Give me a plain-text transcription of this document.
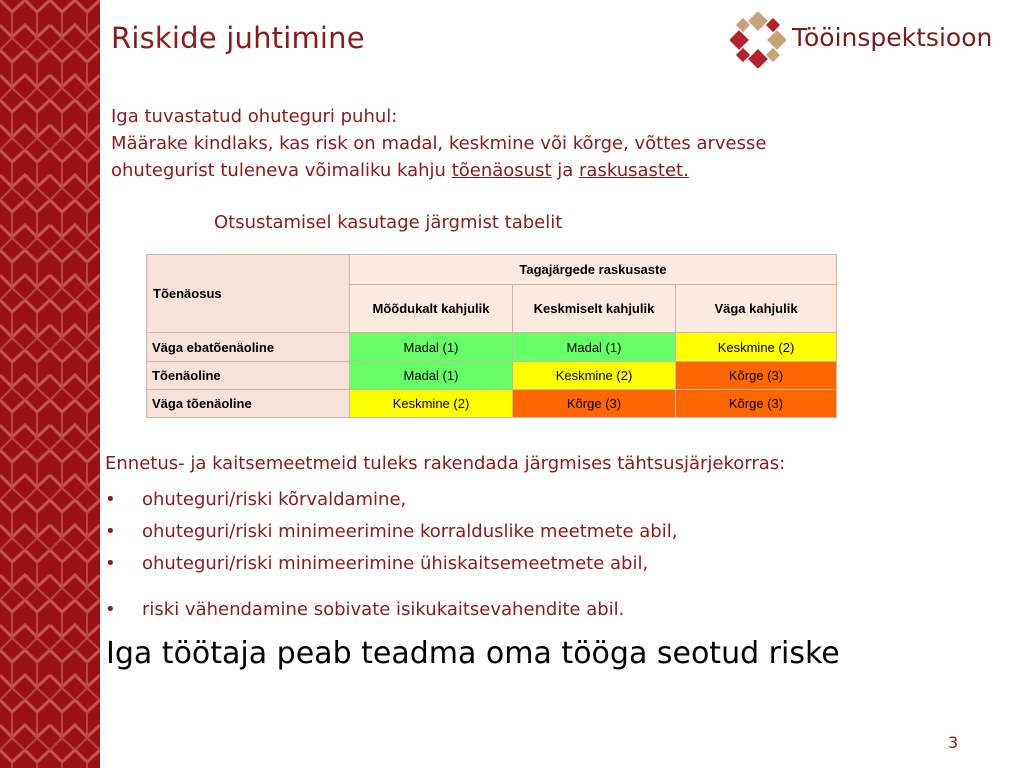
Riskide juhtimine	Tööinspektsioon
Iga tuvastatud ohuteguri puhul:
Määrake kindlaks, kas risk on madal, keskmine või kõrge, võttes arvesse
ohutegurist tuleneva võimaliku kahju tõenäosust ja raskusastet.
Otsustamisel kasutage järgmist tabelit
Tõenäosus	Tagajärgede raskusaste		
	Mõõdukalt kahjulik	Keskmiselt kahjulik	Väga kahjulik
Väga ebatõenäoline	Madal (1)	Madal (1)	Keskmine (2)
Tõenäoline	Madal (1)	Keskmine (2)	Kõrge (3)
Väga tõenäoline	Keskmine (2)	Kõrge (3)	Kõrge (3)
Ennetus- ja kaitsemeetmeid tuleks rakendada järgmises tähtsusjärjekorras:
• ohuteguri/riski kõrvaldamine,
• ohuteguri/riski minimeerimine korralduslike meetmete abil,
• ohuteguri/riski minimeerimine ühiskaitsemeetmete abil,
• riski vähendamine sobivate isikukaitsevahendite abil.
Iga töötaja peab teadma oma tööga seotud riske
3
